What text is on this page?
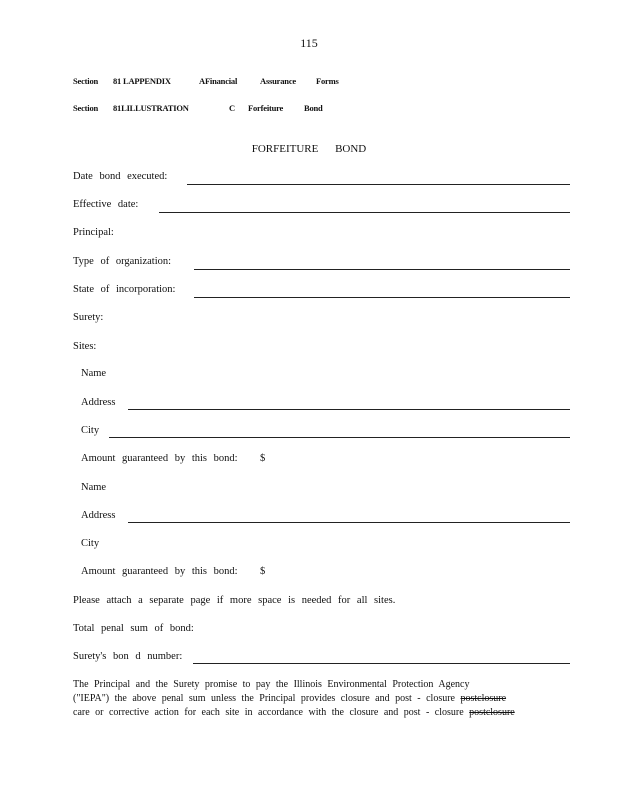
115
Section 81 LAPPENDIX	AFinancial	Assurance Forms
Section 81LILLUSTRATION	C Forfeiture Bond
FORFEITURE BOND
Date bond executed:
Effective date:
Principal:
Type of organization:
State of incorporation:
Surety:
Sites:
Name
Address
City
Amount guaranteed by this bond: $
Name
Address
City
Amount guaranteed by this bond: $
Please attach a separate page if more space is needed for all sites.
Total penal sum of bond:
Surety's bon d number:
The Principal and the Surety promise to pay the Illinois Environmental Protection Agency
("IEPA") the above penal sum unless the Principal provides closure and post - closure postclosure
care or corrective action for each site in accordance with the closure and post - closure postclosure
